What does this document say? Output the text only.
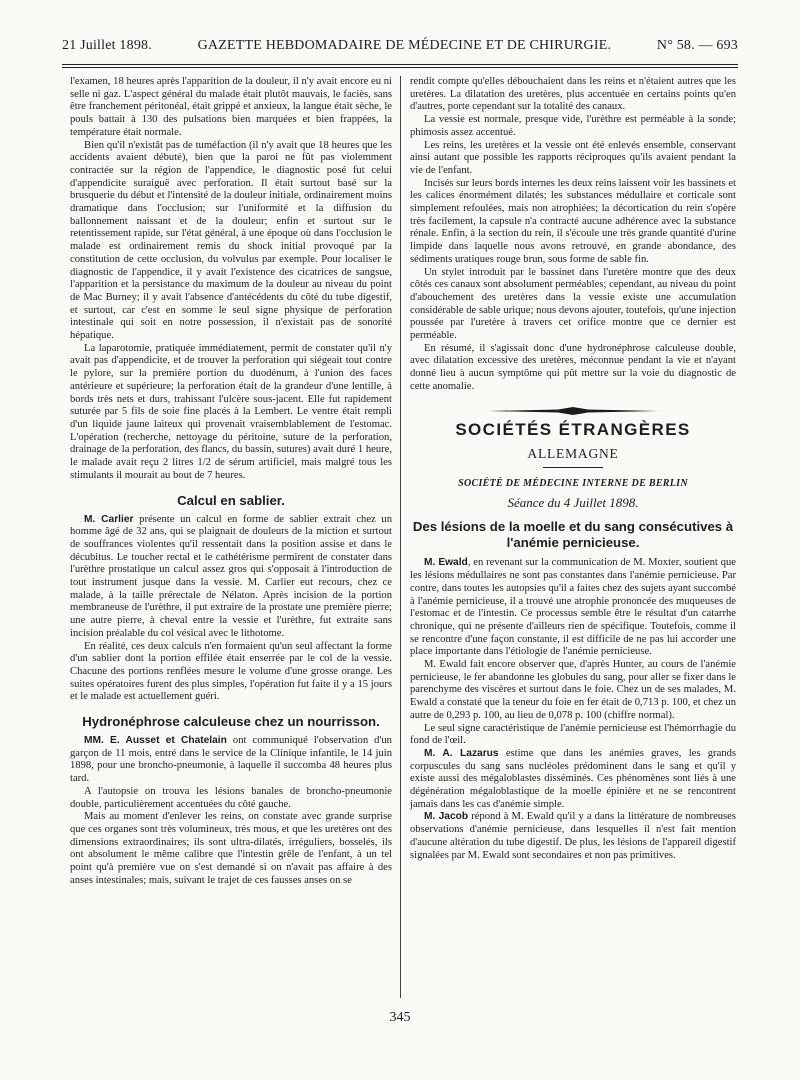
21 Juillet 1898.	GAZETTE HEBDOMADAIRE DE MÉDECINE ET DE CHIRURGIE.	N° 58. — 693

l'examen, 18 heures après l'apparition de la douleur, il n'y avait encore eu ni selle ni gaz. L'aspect général du malade était plutôt mauvais, le faciès, sans être franchement péritonéal, était grippé et anxieux, la langue était sèche, le pouls battait à 130 des pulsations bien marquées et bien frappées, la température était normale.

Bien qu'il n'existât pas de tuméfaction (il n'y avait que 18 heures que les accidents avaient débuté), bien que la paroi ne fût pas violemment contractée sur la région de l'appendice, le diagnostic posé fut celui d'appendicite suraiguë avec perforation. Il était surtout basé sur la brusquerie du début et l'intensité de la douleur initiale, ordinairement moins dramatique dans l'occlusion; sur l'uniformité et la diffusion du ballonnement naissant et de la douleur; enfin et surtout sur le retentissement rapide, sur l'état général, à une époque où dans l'occlusion le malade est ordinairement remis du shock initial provoqué par la constitution de cette occlusion, du volvulus par exemple. Pour localiser le diagnostic de l'appendice, il y avait l'existence des cicatrices de sangsue, l'apparition et la persistance du maximum de la douleur au niveau du point de Mac Burney; il y avait l'absence d'antécédents du côté du tube digestif, et surtout, car c'est en somme le seul signe physique de perforation intestinale qui soit en notre possession, il n'existait pas de sonorité hépatique.

La laparotomie, pratiquée immédiatement, permit de constater qu'il n'y avait pas d'appendicite, et de trouver la perforation qui siégeait tout contre le pylore, sur la première portion du duodénum, à l'union des faces antérieure et supérieure; la perforation était de la grandeur d'une lentille, à bords très nets et durs, trahissant l'ulcère sous-jacent. Elle fut rapidement suturée par 5 fils de soie fine placés à la Lembert. Le ventre était rempli d'un liquide jaune laiteux qui provenait vraisemblablement de l'estomac. L'opération (recherche, nettoyage du péritoine, suture de la perforation, drainage de la perforation, des flancs, du bassin, sutures) avait duré 1 heure, le malade avait reçu 2 litres 1/2 de sérum artificiel, mais malgré tous les stimulants il mourait au bout de 7 heures.

Calcul en sablier.

M. Carlier présente un calcul en forme de sablier extrait chez un homme âgé de 32 ans, qui se plaignait de douleurs de la miction et surtout de souffrances violentes qu'il ressentait dans la position assise et dans le décubitus. Le toucher rectal et le cathétérisme permirent de constater dans l'urèthre prostatique un calcul assez gros qui s'opposait à l'introduction de tout instrument jusque dans la vessie. M. Carlier eut recours, chez ce malade, à la taille prérectale de Nélaton. Après incision de la portion membraneuse de l'urèthre, il put extraire de la prostate une première pierre; une autre pierre, à cheval entre la vessie et l'urèthre, fut extraite sans incision préalable du col vésical avec le lithotome.

En réalité, ces deux calculs n'en formaient qu'un seul affectant la forme d'un sablier dont la portion effilée était enserrée par le col de la vessie. Chacune des portions renflées mesure le volume d'une grosse orange. Les suites opératoires furent des plus simples, l'opération fut faite il y a 15 jours et le malade est actuellement guéri.

Hydronéphrose calculeuse chez un nourrisson.

MM. E. Ausset et Chatelain ont communiqué l'observation d'un garçon de 11 mois, entré dans le service de la Clinique infantile, le 14 juin 1898, pour une broncho-pneumonie, à laquelle il succomba 48 heures plus tard.

A l'autopsie on trouva les lésions banales de broncho-pneumonie double, particulièrement accentuées du côté gauche.

Mais au moment d'enlever les reins, on constate avec grande surprise que ces organes sont très volumineux, très mous, et que les uretères ont des dimensions extraordinaires; ils sont ultra-dilatés, irréguliers, bosselés, ils ont absolument le même calibre que l'intestin grêle de l'enfant, à un tel point qu'à première vue on s'est demandé si on n'avait pas affaire à des anses intestinales; mais, suivant le trajet de ces fausses anses on se

rendit compte qu'elles débouchaient dans les reins et n'étaient autres que les uretères. La dilatation des uretères, plus accentuée en certains points qu'en d'autres, porte cependant sur la totalité des canaux.

La vessie est normale, presque vide, l'urèthre est perméable à la sonde; phimosis assez accentué.

Les reins, les uretères et la vessie ont été enlevés ensemble, conservant ainsi autant que possible les rapports réciproques qu'ils avaient pendant la vie de l'enfant.

Incisés sur leurs bords internes les deux reins laissent voir les bassinets et les calices énormément dilatés; les substances médullaire et corticale sont simplement refoulées, mais non atrophiées; la décortication du rein s'opère très facilement, la capsule n'a contracté aucune adhérence avec la substance rénale. Enfin, à la section du rein, il s'écoule une très grande quantité d'urine limpide dans laquelle nous avons retrouvé, en grande abondance, des sédiments uratiques rouge brun, sous forme de sable fin.

Un stylet introduit par le bassinet dans l'uretère montre que des deux côtés ces canaux sont absolument perméables; cependant, au niveau du point d'abouchement des uretères dans la vessie existe une accumulation considérable de sable urique; nous devons ajouter, toutefois, qu'une injection poussée par l'uretère à travers cet orifice montre que ce dernier est perméable.

En résumé, il s'agissait donc d'une hydronéphrose calculeuse double, avec dilatation excessive des uretères, méconnue pendant la vie et n'ayant donné lieu à aucun symptôme qui pût mettre sur la voie du diagnostic de cette anomalie.

SOCIÉTÉS ÉTRANGÈRES
ALLEMAGNE
SOCIÉTÉ DE MÉDECINE INTERNE DE BERLIN
Séance du 4 Juillet 1898.
Des lésions de la moelle et du sang consécutives à l'anémie pernicieuse.

M. Ewald, en revenant sur la communication de M. Moxter, soutient que les lésions médullaires ne sont pas constantes dans l'anémie pernicieuse. Par contre, dans toutes les autopsies qu'il a faites chez des sujets ayant succombé à l'anémie pernicieuse, il a trouvé une atrophie prononcée des muqueuses de l'estomac et de l'intestin. Ce processus semble être le résultat d'un catarrhe chronique, qui ne présente d'ailleurs rien de spécifique. Toutefois, comme il se rencontre d'une façon constante, il est difficile de ne pas lui accorder une place importante dans l'étiologie de l'anémie pernicieuse.

M. Ewald fait encore observer que, d'après Hunter, au cours de l'anémie pernicieuse, le fer abandonne les globules du sang, pour aller se fixer dans le parenchyme des viscères et surtout dans le foie. Chez un de ses malades, M. Ewald a constaté que la teneur du foie en fer était de 0,713 p. 100, et chez un autre de 0,293 p. 100, au lieu de 0,078 p. 100 (chiffre normal).

Le seul signe caractéristique de l'anémie pernicieuse est l'hémorrhagie du fond de l'œil.

M. A. Lazarus estime que dans les anémies graves, les grands corpuscules du sang sans nucléoles prédominent dans le sang et qu'il y existe aussi des mégaloblastes disséminés. Ces phénomènes sont liés à une dégénération mégaloblastique de la moelle épinière et ne se rencontrent jamais dans les cas d'anémie simple.

M. Jacob répond à M. Ewald qu'il y a dans la littérature de nombreuses observations d'anémie pernicieuse, dans lesquelles il n'est fait mention d'aucune altération du tube digestif. De plus, les lésions de l'appareil digestif signalées par M. Ewald sont secondaires et non pas primitives.

345
